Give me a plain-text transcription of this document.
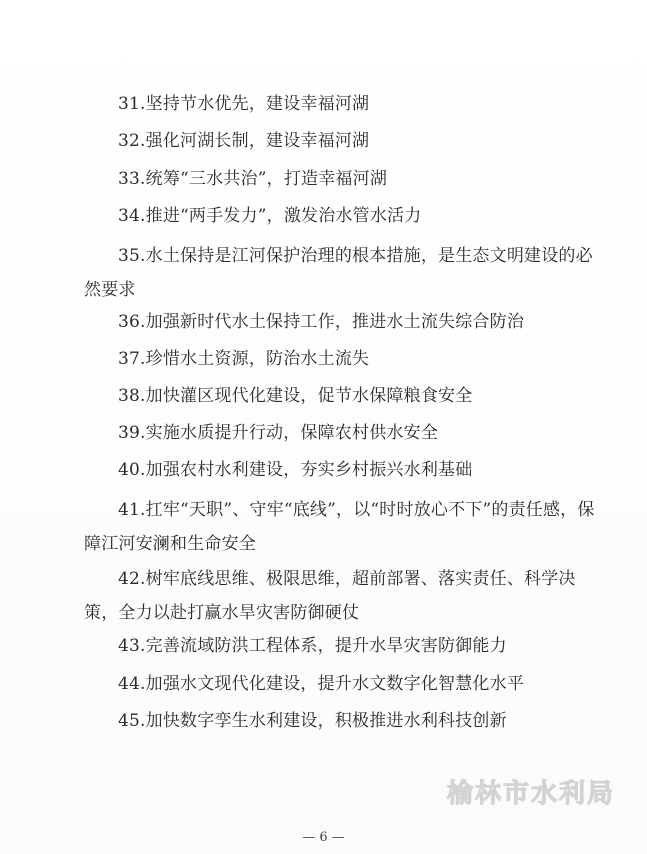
31.坚持节水优先，建设幸福河湖

32.强化河湖长制，建设幸福河湖

33.统筹“三水共治”，打造幸福河湖

34.推进“两手发力”，激发治水管水活力

35.水土保持是江河保护治理的根本措施，是生态文明建设的必然要求

36.加强新时代水土保持工作，推进水土流失综合防治

37.珍惜水土资源，防治水土流失

38.加快灌区现代化建设，促节水保障粮食安全

39.实施水质提升行动，保障农村供水安全

40.加强农村水利建设，夯实乡村振兴水利基础

41.扛牢“天职”、守牢“底线”，以“时时放心不下”的责任感，保障江河安澜和生命安全

42.树牢底线思维、极限思维，超前部署、落实责任、科学决策，全力以赴打赢水旱灾害防御硬仗

43.完善流域防洪工程体系，提升水旱灾害防御能力

44.加强水文现代化建设，提升水文数字化智慧化水平

45.加快数字孪生水利建设，积极推进水利科技创新

榆林市水利局
— 6 —
